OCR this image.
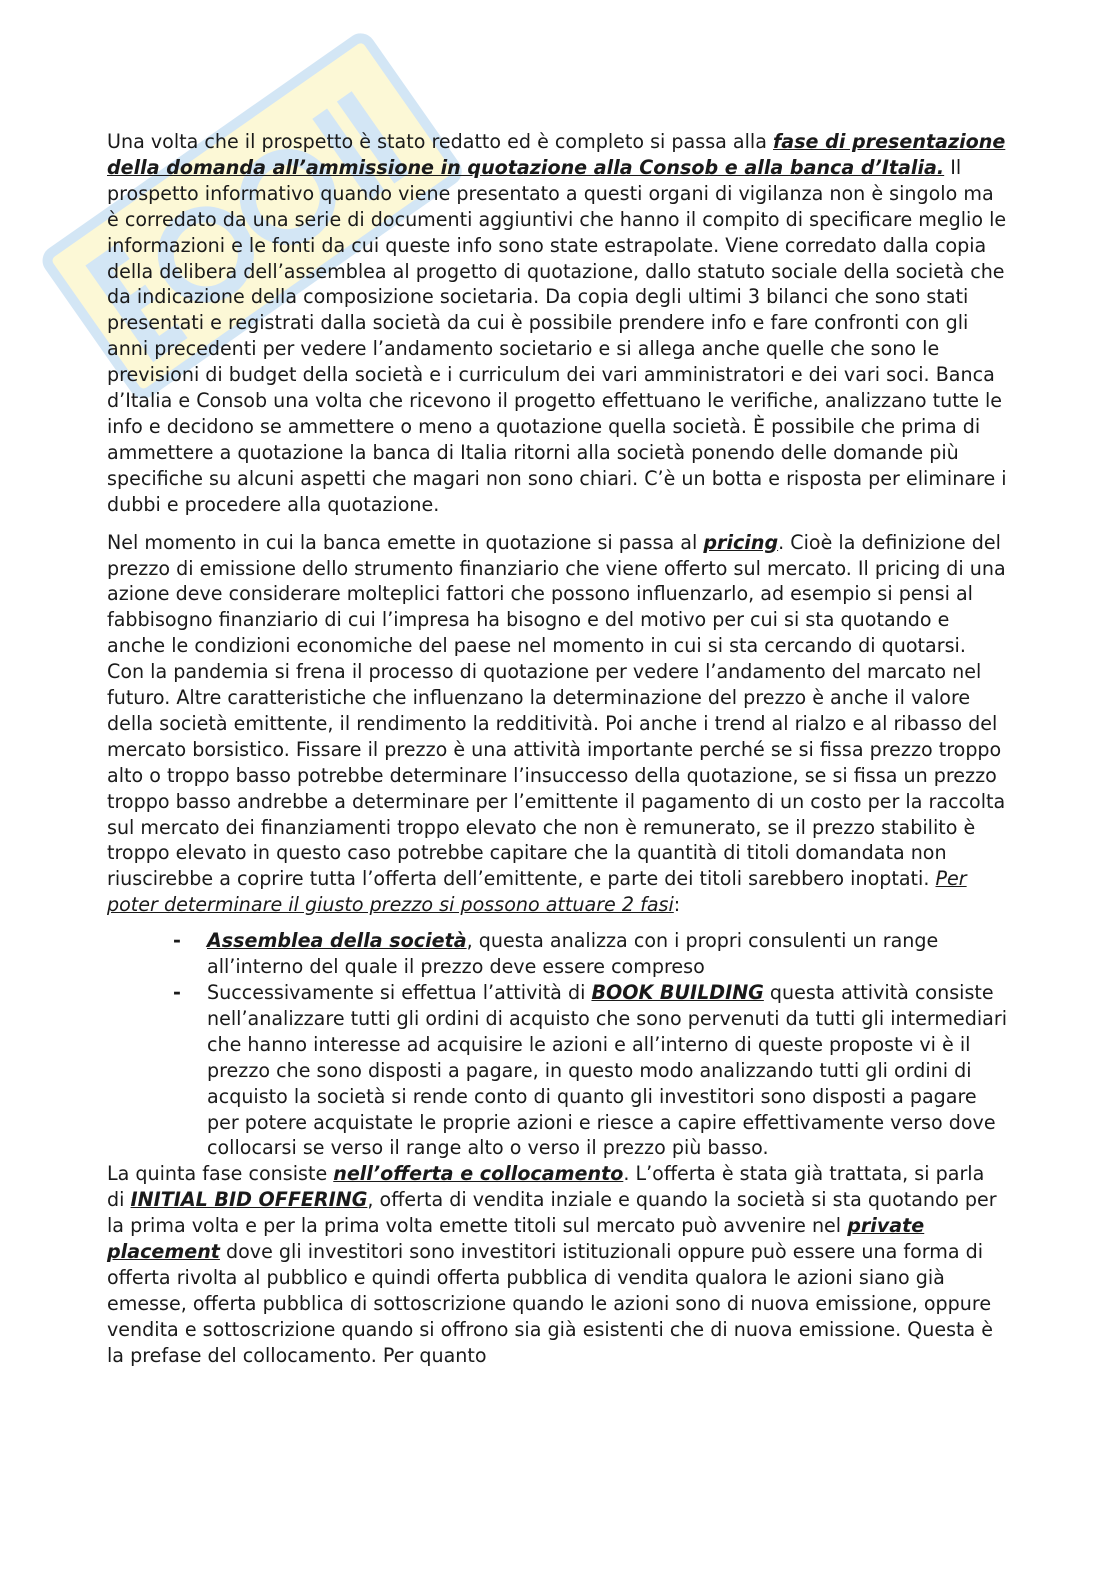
Una volta che il prospetto è stato redatto ed è completo si passa alla fase di presentazione della domanda all’ammissione in quotazione alla Consob e alla banca d’Italia. Il prospetto informativo quando viene presentato a questi organi di vigilanza non è singolo ma è corredato da una serie di documenti aggiuntivi che hanno il compito di specificare meglio le informazioni e le fonti da cui queste info sono state estrapolate. Viene corredato dalla copia della delibera dell’assemblea al progetto di quotazione, dallo statuto sociale della società che da indicazione della composizione societaria. Da copia degli ultimi 3 bilanci che sono stati presentati e registrati dalla società da cui è possibile prendere info e fare confronti con gli anni precedenti per vedere l’andamento societario e si allega anche quelle che sono le previsioni di budget della società e i curriculum dei vari amministratori e dei vari soci. Banca d’Italia e Consob una volta che ricevono il progetto effettuano le verifiche, analizzano tutte le info e decidono se ammettere o meno a quotazione quella società. È possibile che prima di ammettere a quotazione la banca di Italia ritorni alla società ponendo delle domande più specifiche su alcuni aspetti che magari non sono chiari. C’è un botta e risposta per eliminare i dubbi e procedere alla quotazione.

Nel momento in cui la banca emette in quotazione si passa al pricing. Cioè la definizione del prezzo di emissione dello strumento finanziario che viene offerto sul mercato. Il pricing di una azione deve considerare molteplici fattori che possono influenzarlo, ad esempio si pensi al fabbisogno finanziario di cui l’impresa ha bisogno e del motivo per cui si sta quotando e anche le condizioni economiche del paese nel momento in cui si sta cercando di quotarsi. Con la pandemia si frena il processo di quotazione per vedere l’andamento del marcato nel futuro. Altre caratteristiche che influenzano la determinazione del prezzo è anche il valore della società emittente, il rendimento la redditività. Poi anche i trend al rialzo e al ribasso del mercato borsistico. Fissare il prezzo è una attività importante perché se si fissa prezzo troppo alto o troppo basso potrebbe determinare l’insuccesso della quotazione, se si fissa un prezzo troppo basso andrebbe a determinare per l’emittente il pagamento di un costo per la raccolta sul mercato dei finanziamenti troppo elevato che non è remunerato, se il prezzo stabilito è troppo elevato in questo caso potrebbe capitare che la quantità di titoli domandata non riuscirebbe a coprire tutta l’offerta dell’emittente, e parte dei titoli sarebbero inoptati. Per poter determinare il giusto prezzo si possono attuare 2 fasi:

- Assemblea della società, questa analizza con i propri consulenti un range all’interno del quale il prezzo deve essere compreso
- Successivamente si effettua l’attività di BOOK BUILDING questa attività consiste nell’analizzare tutti gli ordini di acquisto che sono pervenuti da tutti gli intermediari che hanno interesse ad acquisire le azioni e all’interno di queste proposte vi è il prezzo che sono disposti a pagare, in questo modo analizzando tutti gli ordini di acquisto la società si rende conto di quanto gli investitori sono disposti a pagare per potere acquistate le proprie azioni e riesce a capire effettivamente verso dove collocarsi se verso il range alto o verso il prezzo più basso.

La quinta fase consiste nell’offerta e collocamento. L’offerta è stata già trattata, si parla di INITIAL BID OFFERING, offerta di vendita inziale e quando la società si sta quotando per la prima volta e per la prima volta emette titoli sul mercato può avvenire nel private placement dove gli investitori sono investitori istituzionali oppure può essere una forma di offerta rivolta al pubblico e quindi offerta pubblica di vendita qualora le azioni siano già emesse, offerta pubblica di sottoscrizione quando le azioni sono di nuova emissione, oppure vendita e sottoscrizione quando si offrono sia già esistenti che di nuova emissione. Questa è la prefase del collocamento. Per quanto
